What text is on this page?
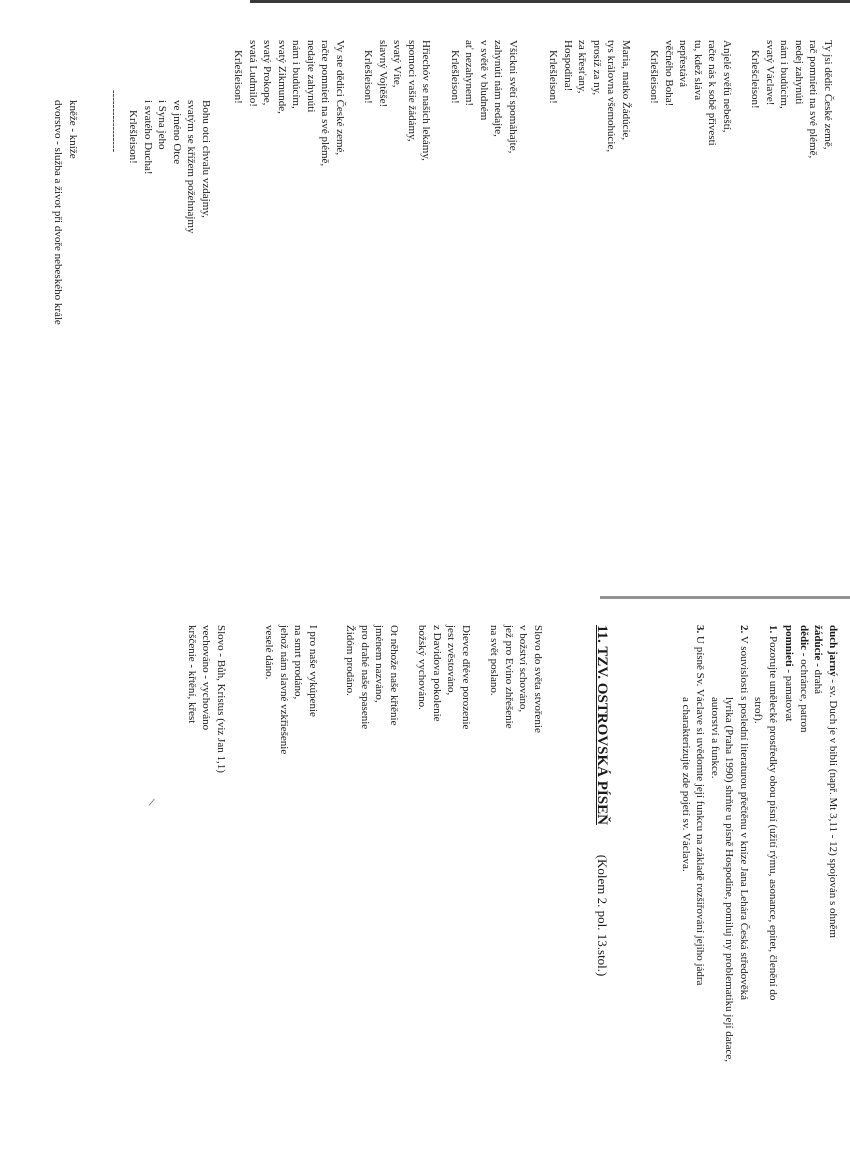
Ty jsi dědic České země,
rač pomníeti na své plémě,
nedej zahynúti
nám i budúcím,
svatý Václave!
Krlešcleison!
Anjelé svěfú nebeští,
račte nás k sobě přivesti
tu, kdež sláva
nepřestává
věčného Boha!
Krlešleison!
Maria, matko Žádúcie,
tys královna všemohúcie,
prosíž za ny,
za křesťany,
Hospodina!
Krlešleison!
Všickni světí spomáhajte,
zahynúti nám nedajte,
v světě v bludném
ať nezahynem!
Krlešleison!
Hřiechóv se našich lekámy,
spomoci vašie žádámy,
svatý Víte,
slavný Vojtěše!
Krlešleison!
Vy ste dědici České zemé,
račte pomníeti na své plémě,
nedajte zahynúti
nám i budúcím,
svatý Zikmunde,
svatý Prokope,
svatá Ludmilo!
Krlešleison!
Bohu otci chvalu vzdajmy,
svatým se křížem požehnajmy
ve jméno Otce
i Syna jeho
i svatého Ducha!
Krlešleison!
-----------------
kněže - kníže
dvorstvo - služba a život při dvoře nebeského krále
duch jarný - sv. Duch je v bibli (např. Mt 3,11 - 12) spojován s ohněm
žádúcie - drahá
dědic - ochránce, patron
pomnieti - pamatovat
1. Pozorujte umělecké prostředky obou písní (užití rýmu, asonance, epitet, členění do
strof).
2. V souvislosti s poslední literaturou přečtěnu v knize Jana Lehára Česká středověká
lyrika (Praha 1990) shrňte u písně Hospodine, pomiluj ny problematiku její datace,
autorství a funkce.
3. U písně Sv. Václave si uvědomte její funkcu na základě rozšiřování jejího jádra
a charakterizujte zde pojetí sv. Václava.
11. TZV. OSTROVSKÁ PÍSEŇ (Kolem 2. pol. 13.stol.)
Slovo do světa stvořenie
v božství schováno,
jež pro Evino zhřešenie
na svět poslano.
Dievce dřéve porozenie
jest zvěstováno,
z Davidova pokolenie
božský vychováno.
Ot něhože naše křtěnie
jménem nazváno,
pro drahé naše spasenie
Židóm prodáno.
I pro naše vykúpenie
na smrt prodáno,
jehož nám slavné vzkřiešenie
veselé dáno.
Slovo - Bůh, Kristus (viz Jan 1,1)
vechováno - vychováno
krščenie - křtění, křest
/
